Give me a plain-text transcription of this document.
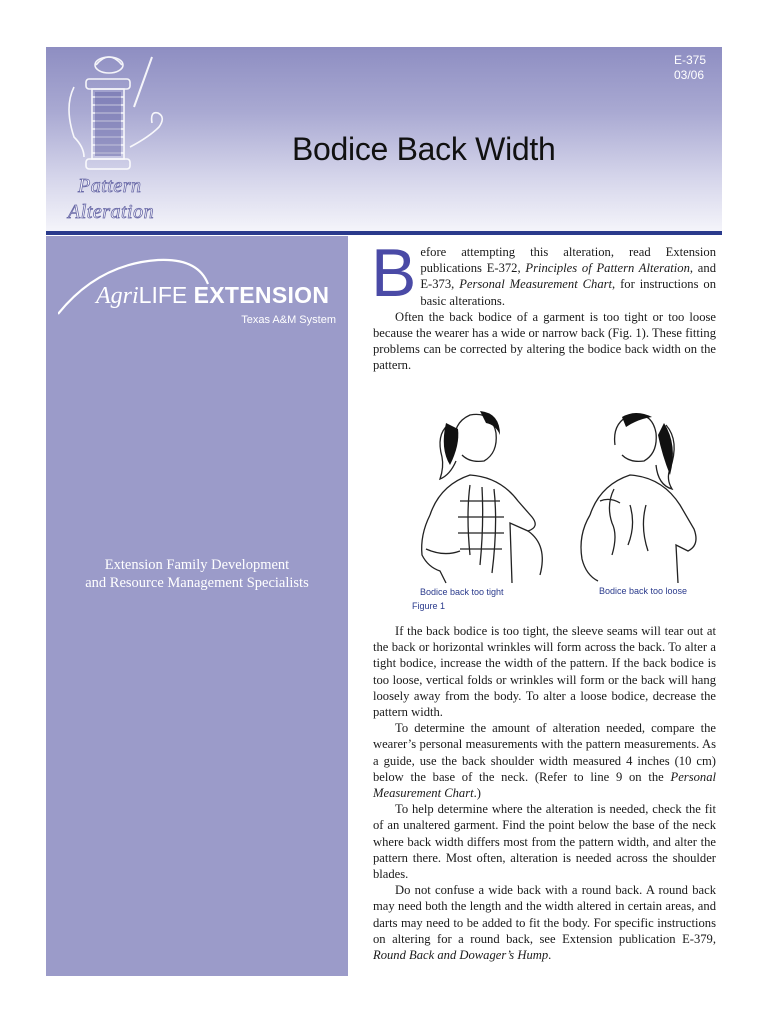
Pattern
Alteration
E-375
03/06
Bodice Back Width
AgriLIFE EXTENSION
Texas A&M System
Extension Family Development
and Resource Management Specialists

Before attempting this alteration, read Extension publications E-372, Principles of Pattern Alteration, and E-373, Personal Measurement Chart, for instructions on basic alterations.

Often the back bodice of a garment is too tight or too loose because the wearer has a wide or narrow back (Fig. 1). These fitting problems can be corrected by altering the bodice back width on the pattern.

Bodice back too tight	Bodice back too loose
Figure 1

If the back bodice is too tight, the sleeve seams will tear out at the back or horizontal wrinkles will form across the back. To alter a tight bodice, increase the width of the pattern. If the back bodice is too loose, vertical folds or wrinkles will form or the back will hang loosely away from the body. To alter a loose bodice, decrease the pattern width.

To determine the amount of alteration needed, compare the wearer’s personal measurements with the pattern measurements. As a guide, use the back shoulder width measured 4 inches (10 cm) below the base of the neck. (Refer to line 9 on the Personal Measurement Chart.)

To help determine where the alteration is needed, check the fit of an unaltered garment. Find the point below the base of the neck where back width differs most from the pattern width, and alter the pattern there. Most often, alteration is needed across the shoulder blades.

Do not confuse a wide back with a round back. A round back may need both the length and the width altered in certain areas, and darts may need to be added to fit the body. For specific instructions on altering for a round back, see Extension publication E-379, Round Back and Dowager’s Hump.
